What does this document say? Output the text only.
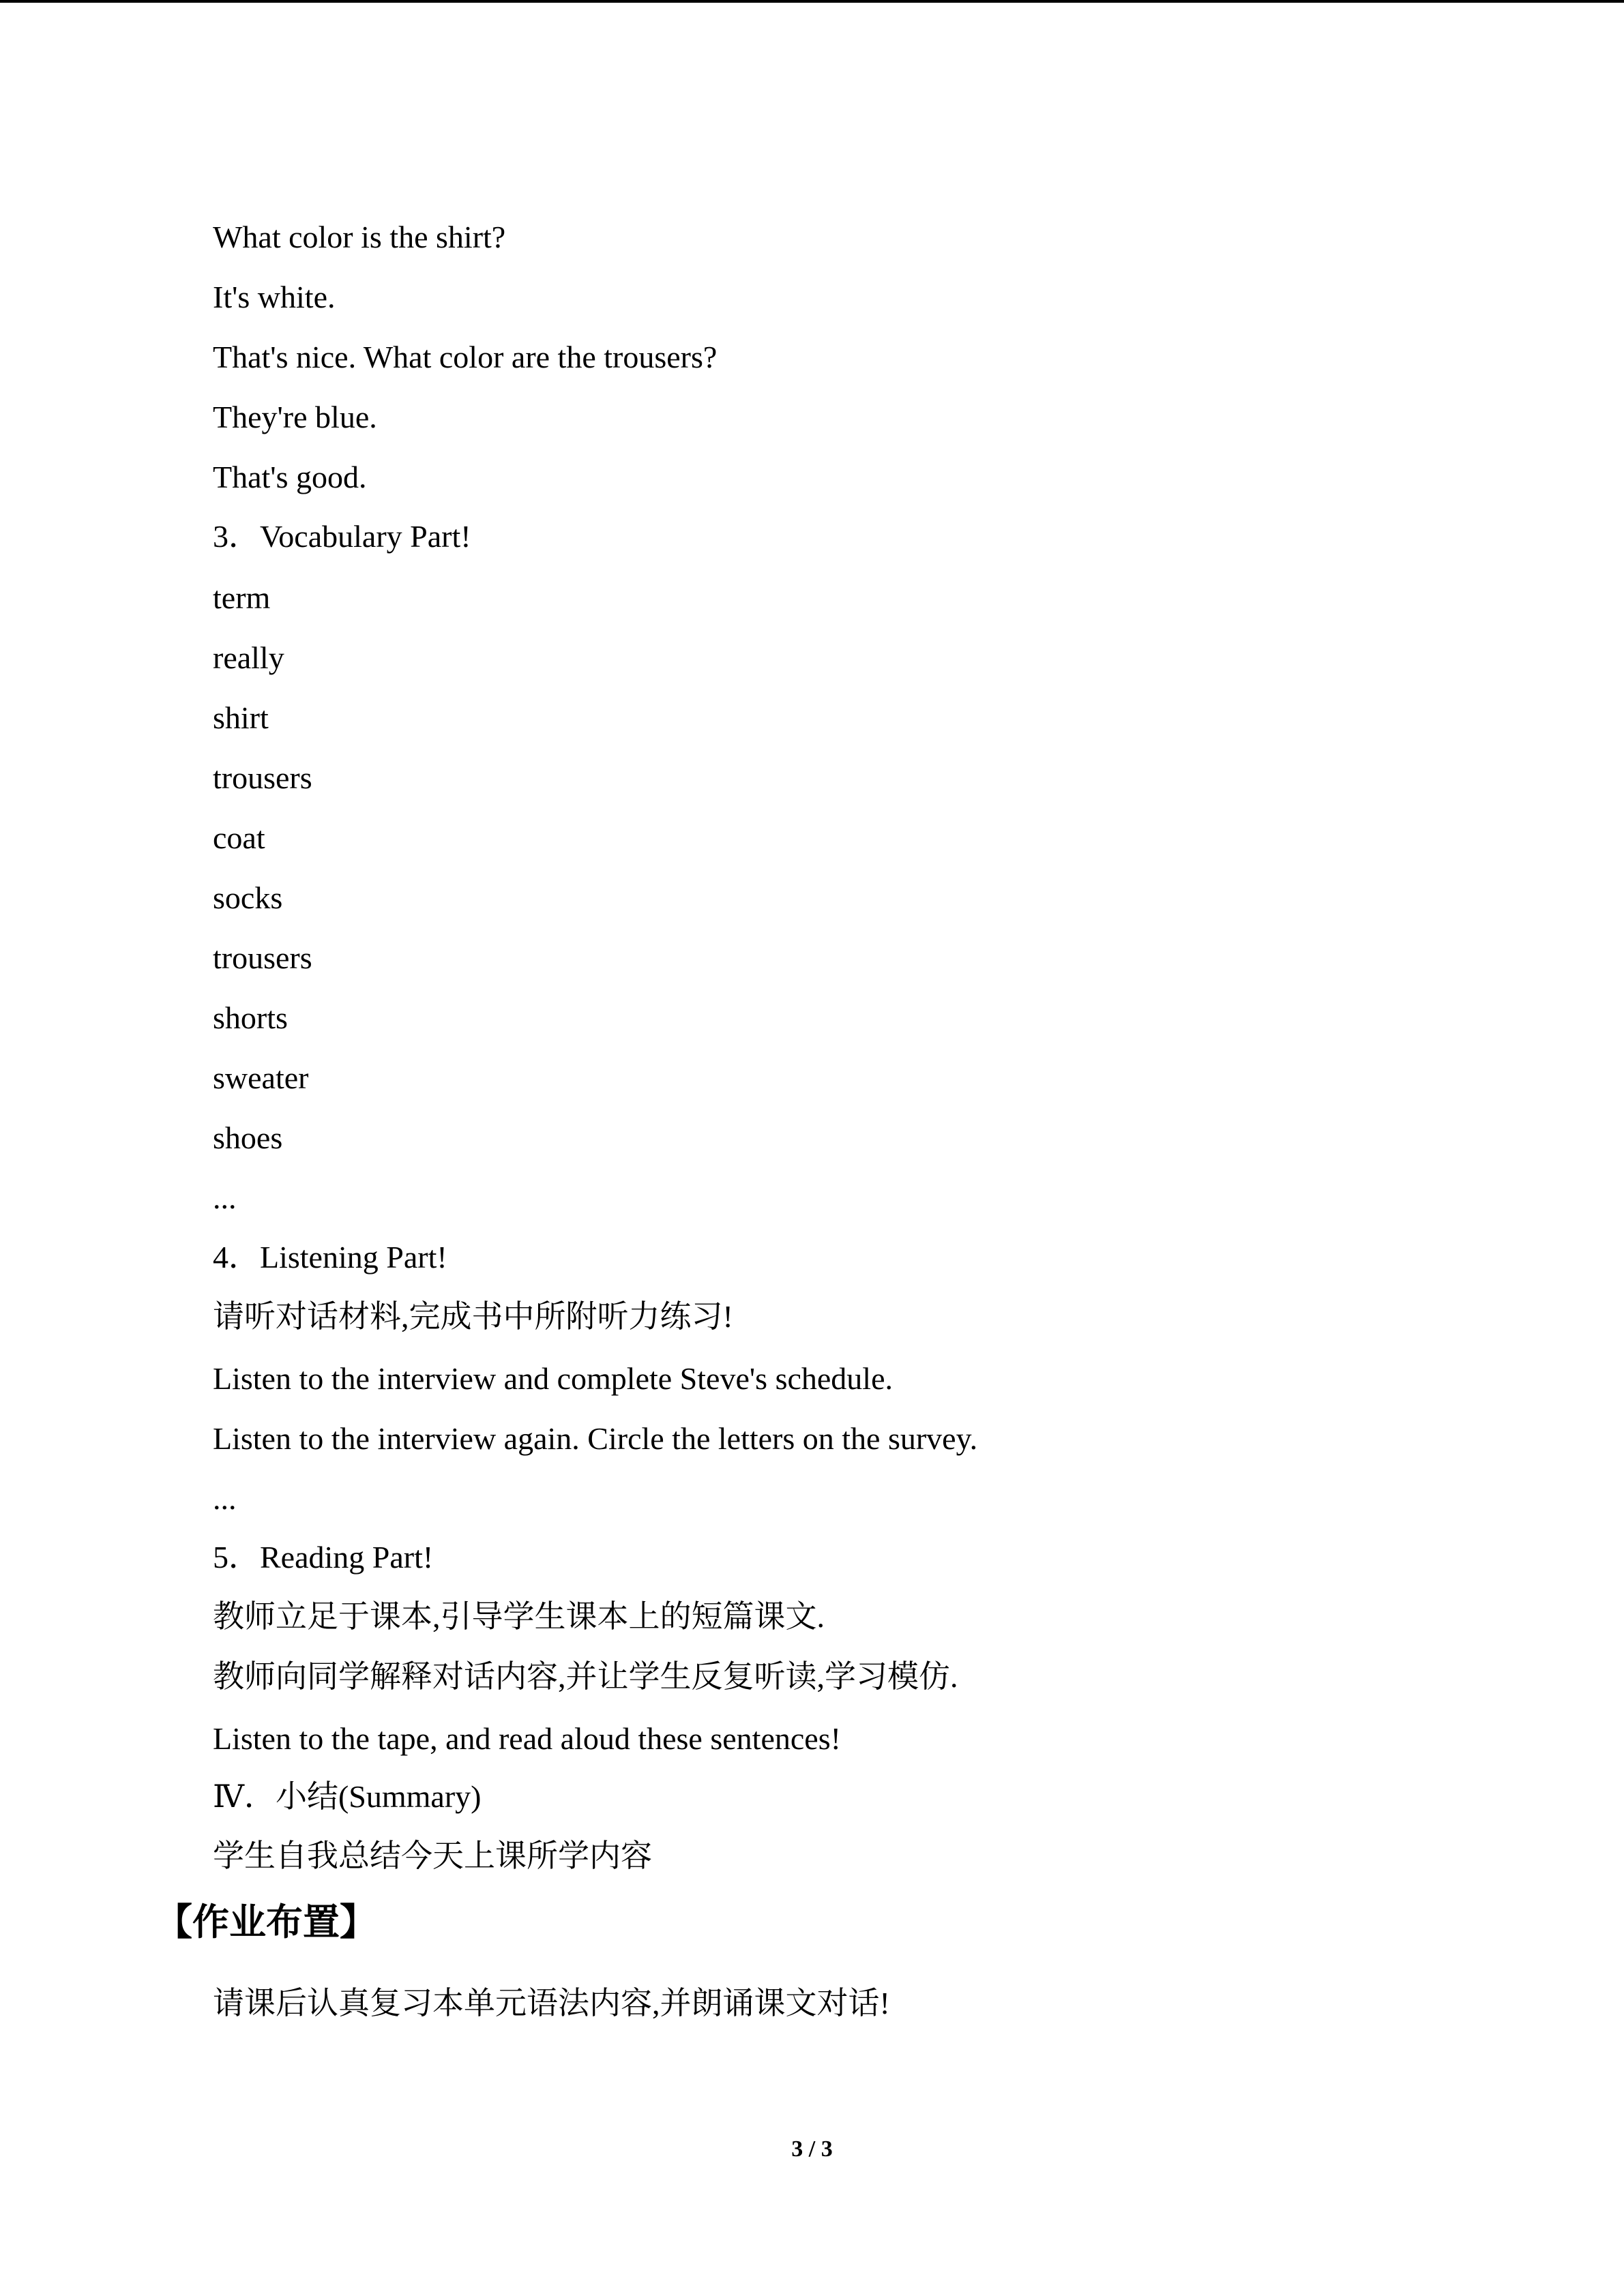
What color is the shirt?
It's white.
That's nice. What color are the trousers?
They're blue.
That's good.
3．Vocabulary Part!
term
really
shirt
trousers
coat
socks
trousers
shorts
sweater
shoes
...
4．Listening Part!
请听对话材料,完成书中所附听力练习!
Listen to the interview and complete Steve's schedule.
Listen to the interview again. Circle the letters on the survey.
...
5．Reading Part!
教师立足于课本,引导学生课本上的短篇课文.
教师向同学解释对话内容,并让学生反复听读,学习模仿.
Listen to the tape, and read aloud these sentences!
Ⅳ．小结(Summary)
学生自我总结今天上课所学内容
【作业布置】
请课后认真复习本单元语法内容,并朗诵课文对话!
3 / 3
